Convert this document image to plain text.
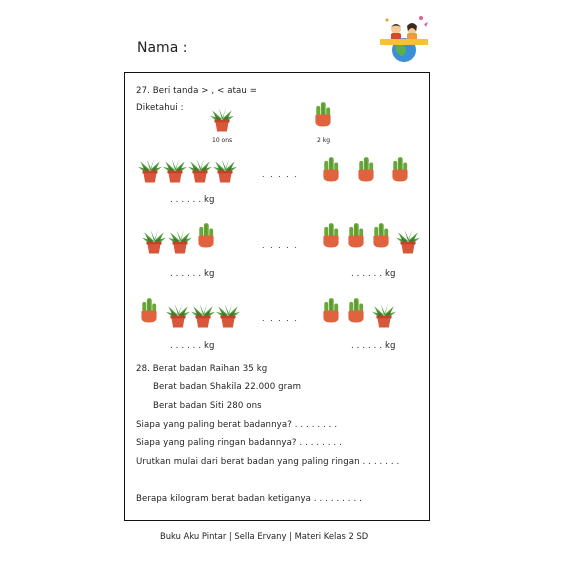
Nama :
27. Beri tanda > , < atau =
Diketahui :
10 ons	2 kg
. . . . .
. . . . . . kg
. . . . .
. . . . . . kg	. . . . . . kg
. . . . .
. . . . . . kg	. . . . . . kg
28. Berat badan Raihan 35 kg
Berat badan Shakila 22.000 gram
Berat badan Siti 280 ons
Siapa yang paling berat badannya? . . . . . . . .
Siapa yang paling ringan badannya? . . . . . . . .
Urutkan mulai dari berat badan yang paling ringan . . . . . . .
Berapa kilogram berat badan ketiganya . . . . . . . . .
Buku Aku Pintar | Sella Ervany | Materi Kelas 2 SD
